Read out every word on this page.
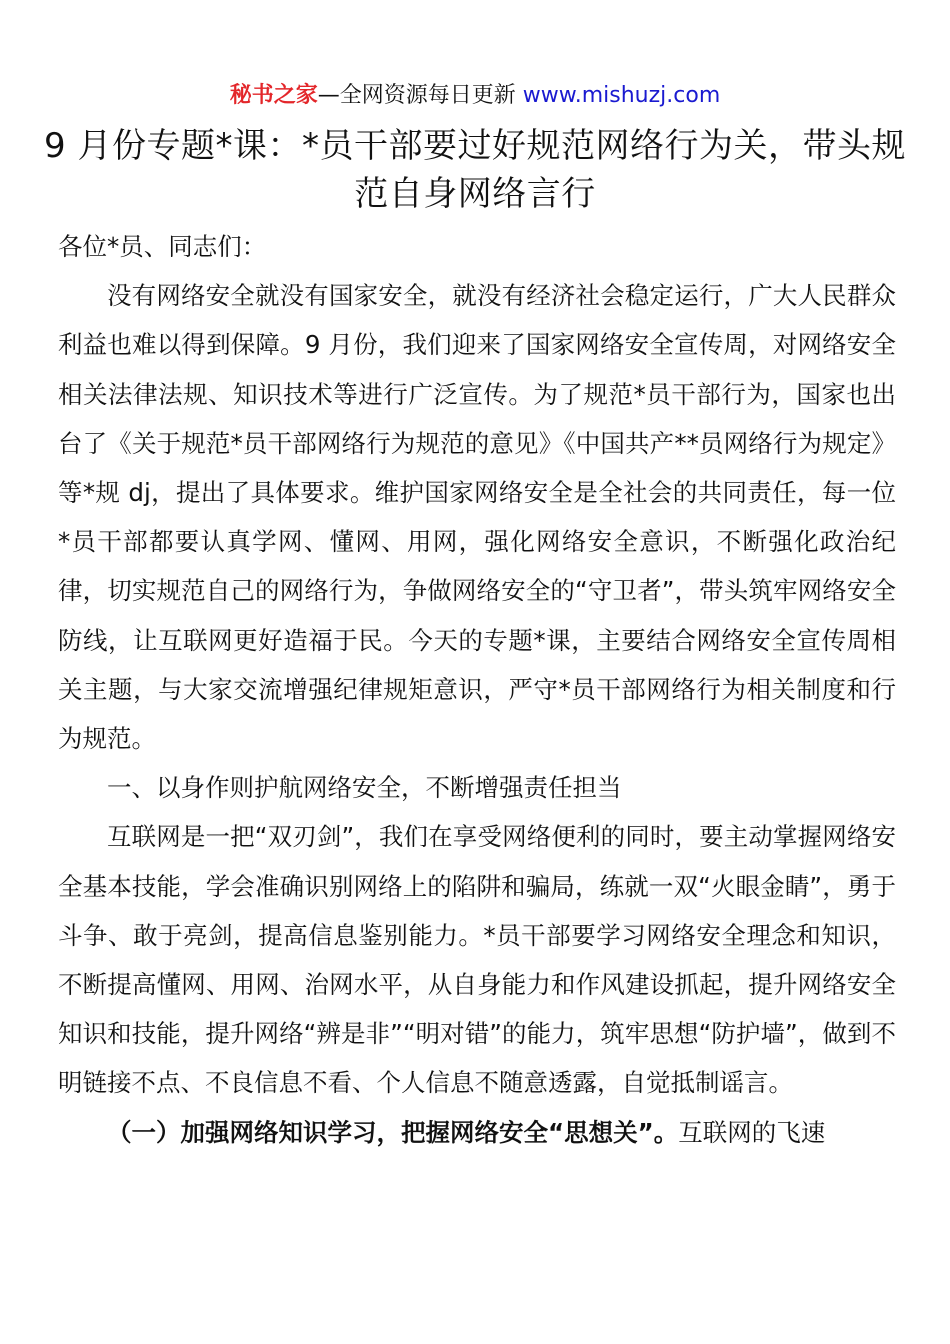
秘书之家—全网资源每日更新 www.mishuzj.com
9 月份专题*课：*员干部要过好规范网络行为关，带头规范自身网络言行

各位*员、同志们：

没有网络安全就没有国家安全，就没有经济社会稳定运行，广大人民群众利益也难以得到保障。9 月份，我们迎来了国家网络安全宣传周，对网络安全相关法律法规、知识技术等进行广泛宣传。为了规范*员干部行为，国家也出台了《关于规范*员干部网络行为规范的意见》《中国共产**员网络行为规定》等*规 dj，提出了具体要求。维护国家网络安全是全社会的共同责任，每一位*员干部都要认真学网、懂网、用网，强化网络安全意识，不断强化政治纪律，切实规范自己的网络行为，争做网络安全的“守卫者”，带头筑牢网络安全防线，让互联网更好造福于民。今天的专题*课，主要结合网络安全宣传周相关主题，与大家交流增强纪律规矩意识，严守*员干部网络行为相关制度和行为规范。

一、以身作则护航网络安全，不断增强责任担当

互联网是一把“双刃剑”，我们在享受网络便利的同时，要主动掌握网络安全基本技能，学会准确识别网络上的陷阱和骗局，练就一双“火眼金睛”，勇于斗争、敢于亮剑，提高信息鉴别能力。*员干部要学习网络安全理念和知识，不断提高懂网、用网、治网水平，从自身能力和作风建设抓起，提升网络安全知识和技能，提升网络“辨是非”“明对错”的能力，筑牢思想“防护墙”，做到不明链接不点、不良信息不看、个人信息不随意透露，自觉抵制谣言。

（一）加强网络知识学习，把握网络安全“思想关”。互联网的飞速
